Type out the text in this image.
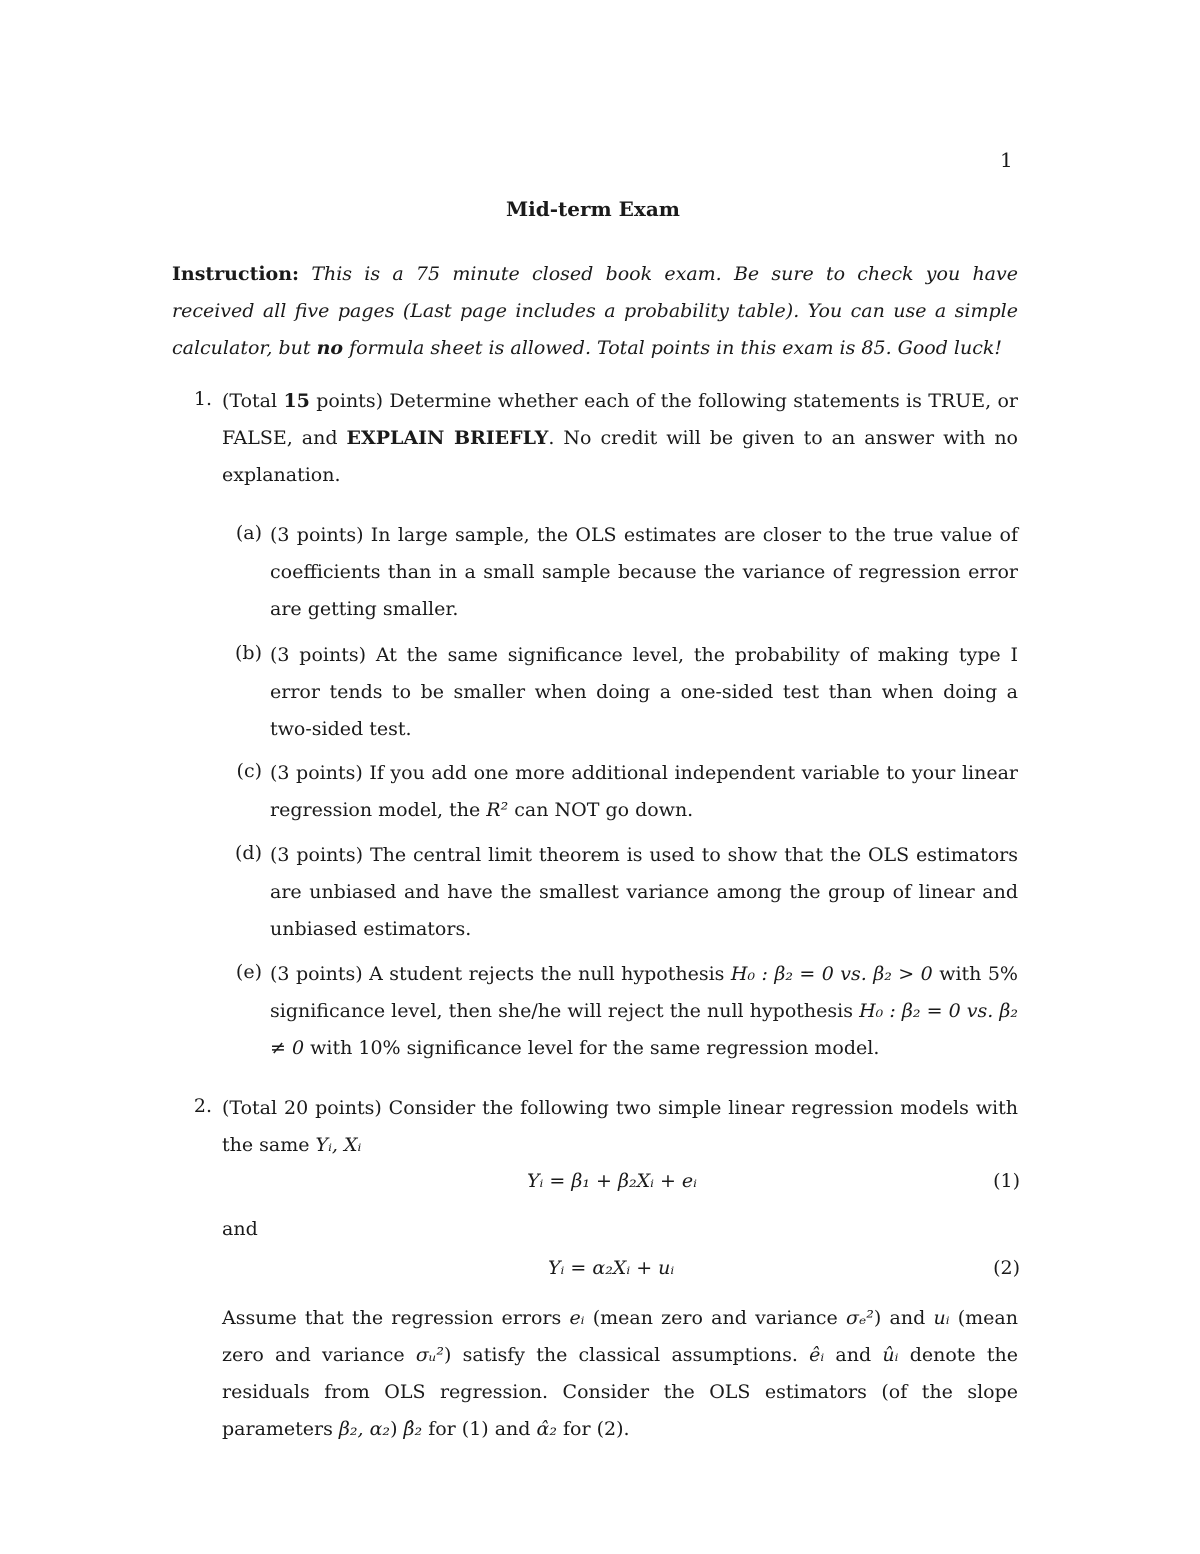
1
Mid-term Exam
Instruction: This is a 75 minute closed book exam. Be sure to check you have received all five pages (Last page includes a probability table). You can use a simple calculator, but no formula sheet is allowed. Total points in this exam is 85. Good luck!
1. (Total 15 points) Determine whether each of the following statements is TRUE, or FALSE, and EXPLAIN BRIEFLY. No credit will be given to an answer with no explanation.
(a) (3 points) In large sample, the OLS estimates are closer to the true value of coefficients than in a small sample because the variance of regression error are getting smaller.
(b) (3 points) At the same significance level, the probability of making type I error tends to be smaller when doing a one-sided test than when doing a two-sided test.
(c) (3 points) If you add one more additional independent variable to your linear regression model, the R² can NOT go down.
(d) (3 points) The central limit theorem is used to show that the OLS estimators are unbiased and have the smallest variance among the group of linear and unbiased estimators.
(e) (3 points) A student rejects the null hypothesis H₀ : β₂ = 0 vs. β₂ > 0 with 5% significance level, then she/he will reject the null hypothesis H₀ : β₂ = 0 vs. β₂ ≠ 0 with 10% significance level for the same regression model.
2. (Total 20 points) Consider the following two simple linear regression models with the same Yᵢ, Xᵢ
Yᵢ = β₁ + β₂Xᵢ + eᵢ	(1)
and
Yᵢ = α₂Xᵢ + uᵢ	(2)
Assume that the regression errors eᵢ (mean zero and variance σₑ²) and uᵢ (mean zero and variance σᵤ²) satisfy the classical assumptions. êᵢ and ûᵢ denote the residuals from OLS regression. Consider the OLS estimators (of the slope parameters β₂, α₂) β̂₂ for (1) and α̂₂ for (2).
